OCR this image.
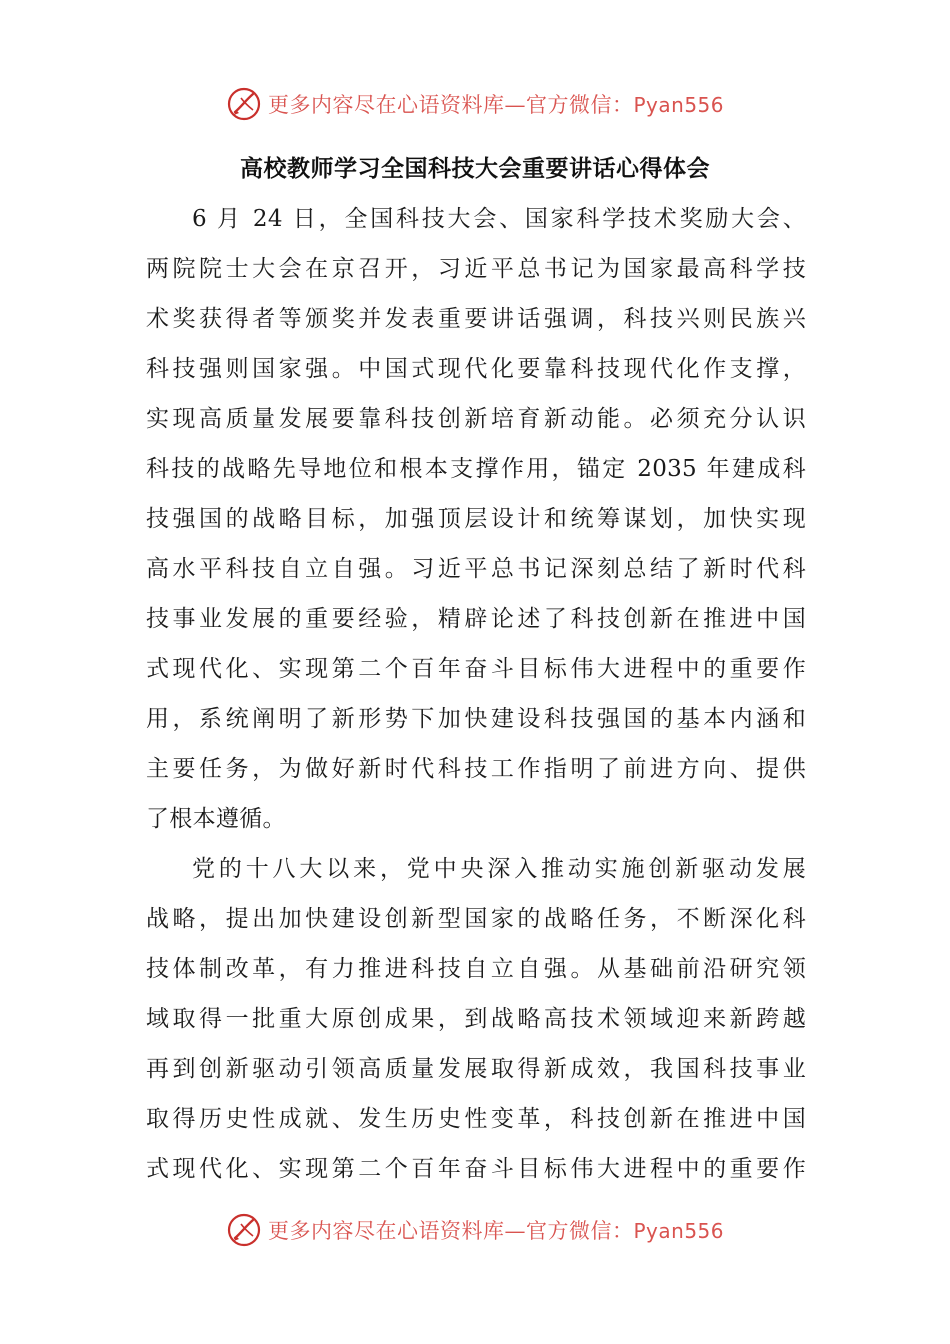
更多内容尽在心语资料库—官方微信：Pyan556
高校教师学习全国科技大会重要讲话心得体会
6 月 24 日，全国科技大会、国家科学技术奖励大会、
两院院士大会在京召开，习近平总书记为国家最高科学技
术奖获得者等颁奖并发表重要讲话强调，科技兴则民族兴
科技强则国家强。中国式现代化要靠科技现代化作支撑，
实现高质量发展要靠科技创新培育新动能。必须充分认识
科技的战略先导地位和根本支撑作用，锚定 2035 年建成科
技强国的战略目标，加强顶层设计和统筹谋划，加快实现
高水平科技自立自强。习近平总书记深刻总结了新时代科
技事业发展的重要经验，精辟论述了科技创新在推进中国
式现代化、实现第二个百年奋斗目标伟大进程中的重要作
用，系统阐明了新形势下加快建设科技强国的基本内涵和
主要任务，为做好新时代科技工作指明了前进方向、提供
了根本遵循。
党的十八大以来，党中央深入推动实施创新驱动发展
战略，提出加快建设创新型国家的战略任务，不断深化科
技体制改革，有力推进科技自立自强。从基础前沿研究领
域取得一批重大原创成果，到战略高技术领域迎来新跨越
再到创新驱动引领高质量发展取得新成效，我国科技事业
取得历史性成就、发生历史性变革，科技创新在推进中国
式现代化、实现第二个百年奋斗目标伟大进程中的重要作
更多内容尽在心语资料库—官方微信：Pyan556
